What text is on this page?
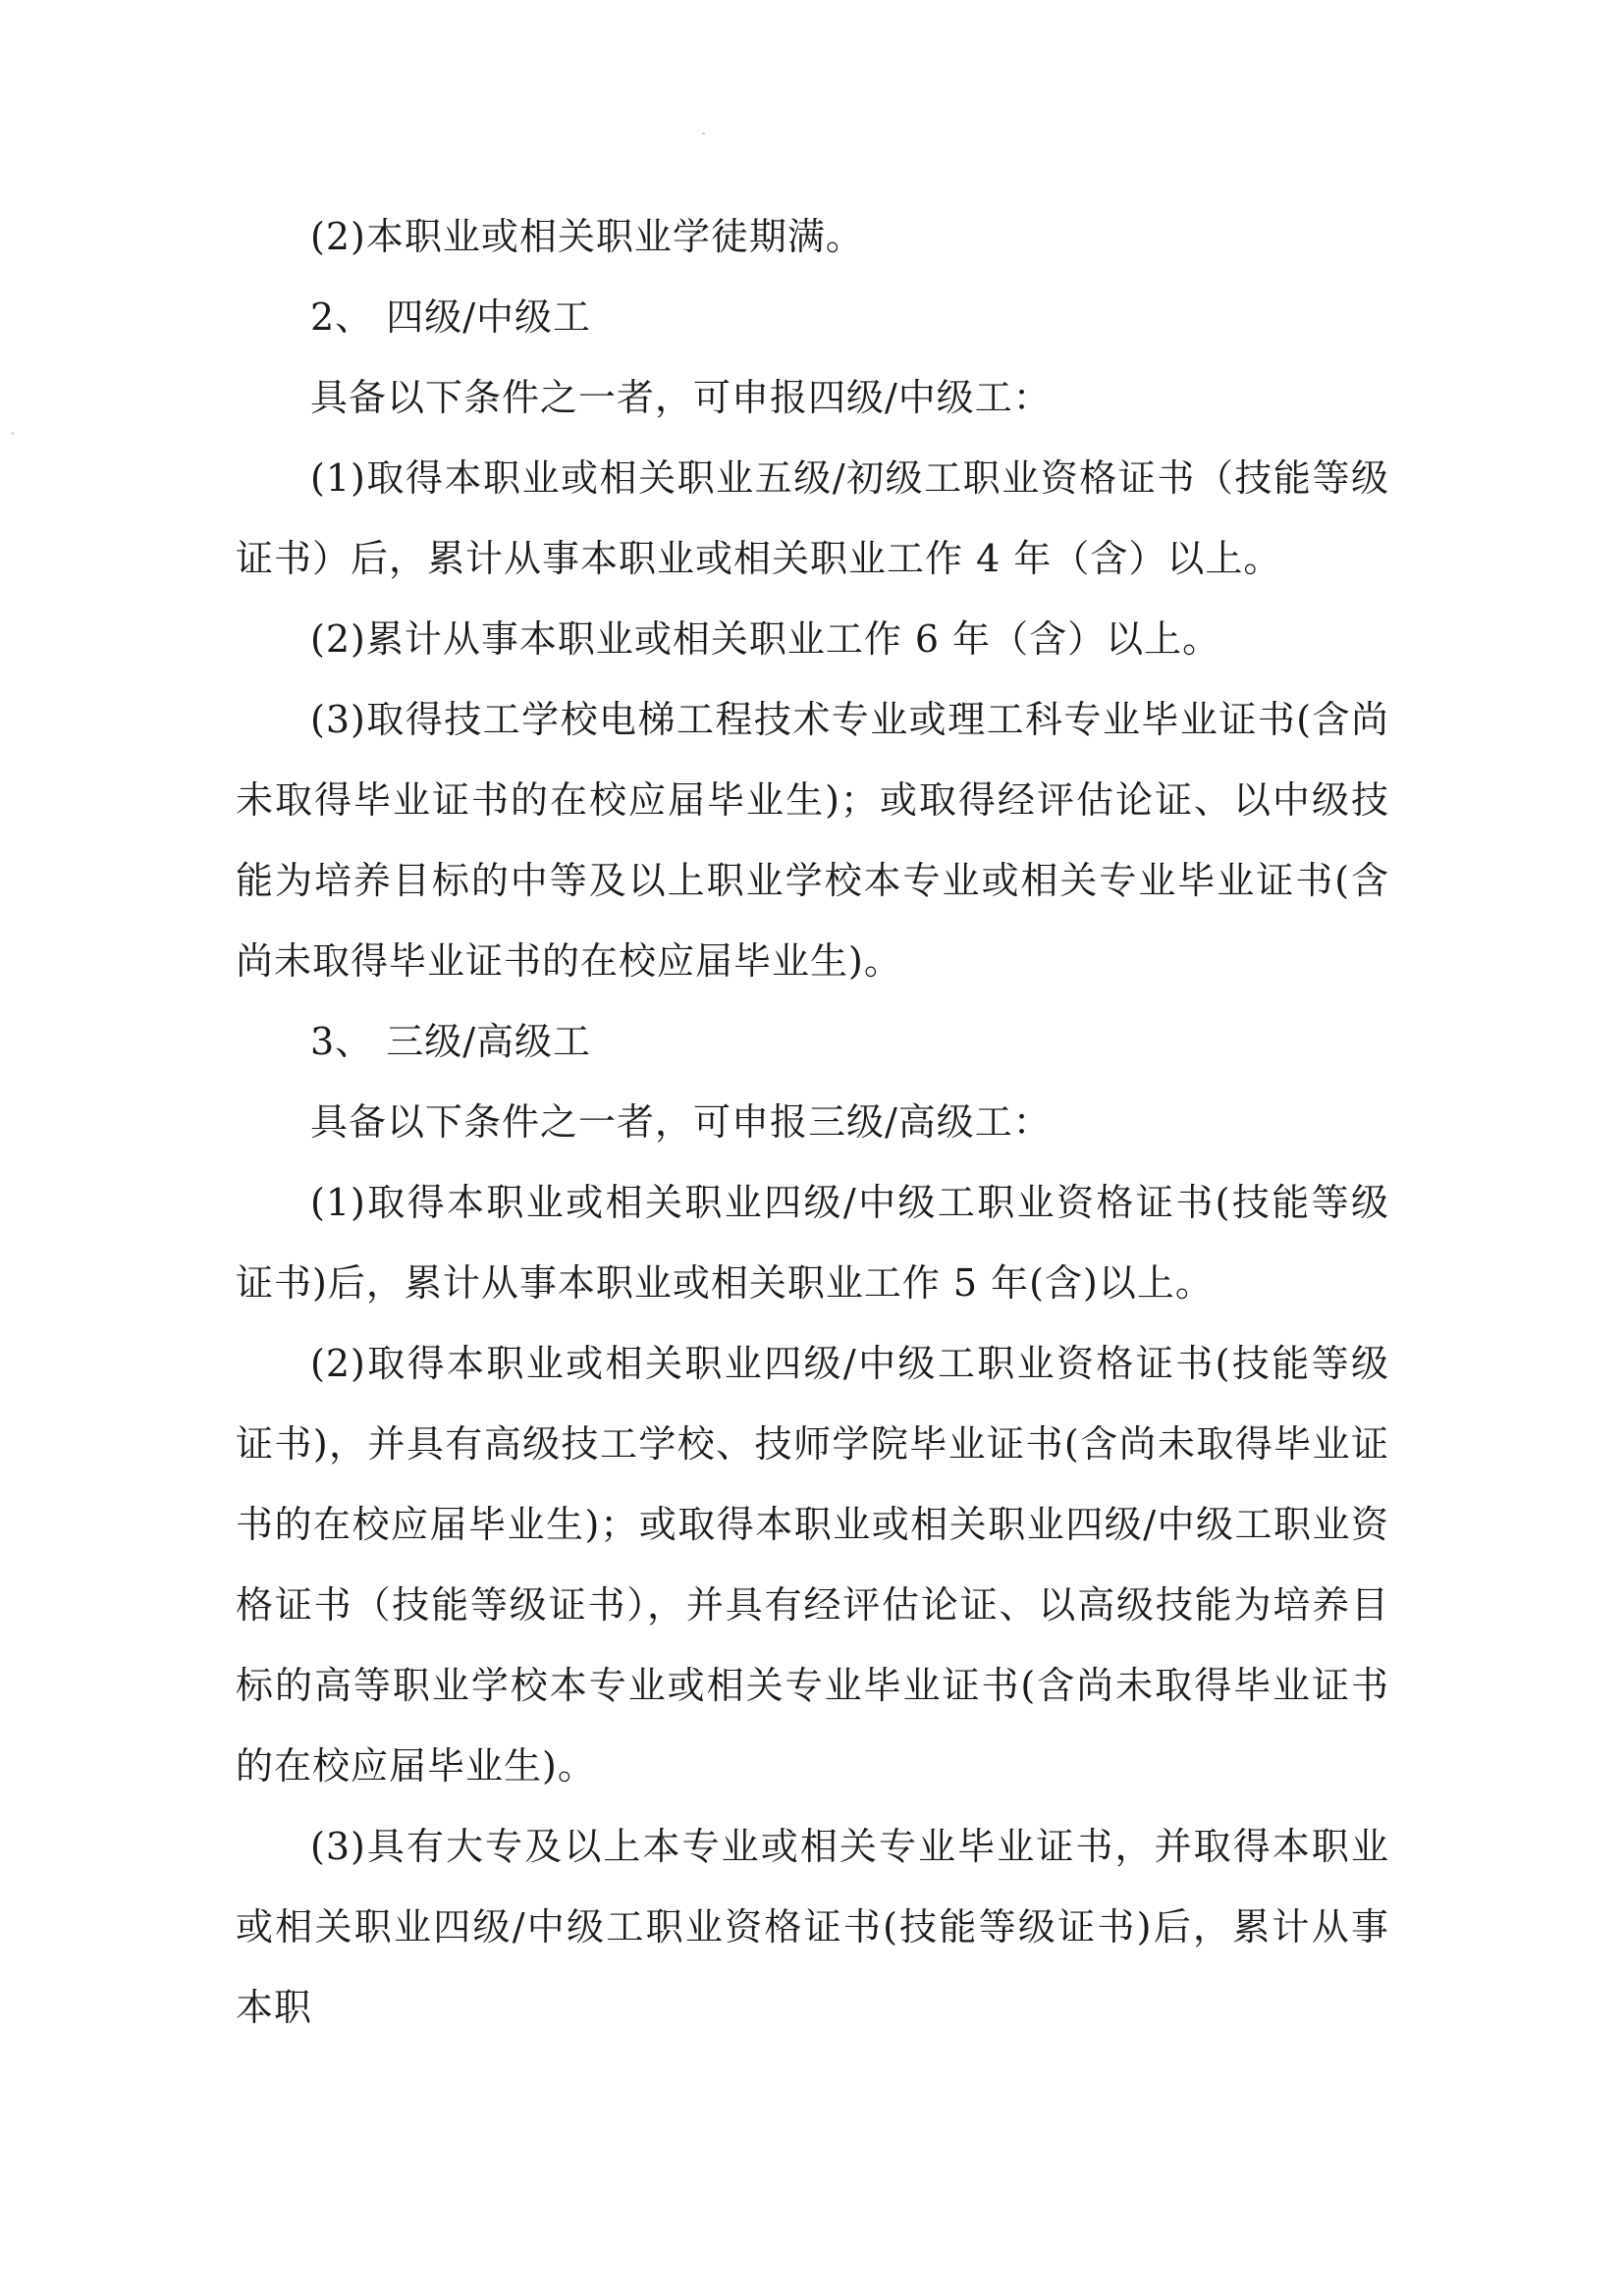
(2)本职业或相关职业学徒期满。

2、 四级/中级工

具备以下条件之一者，可申报四级/中级工：

(1)取得本职业或相关职业五级/初级工职业资格证书（技能等级证书）后，累计从事本职业或相关职业工作 4 年（含）以上。

(2)累计从事本职业或相关职业工作 6 年（含）以上。

(3)取得技工学校电梯工程技术专业或理工科专业毕业证书(含尚未取得毕业证书的在校应届毕业生)；或取得经评估论证、以中级技能为培养目标的中等及以上职业学校本专业或相关专业毕业证书(含尚未取得毕业证书的在校应届毕业生)。

3、 三级/高级工

具备以下条件之一者，可申报三级/高级工：

(1)取得本职业或相关职业四级/中级工职业资格证书(技能等级证书)后，累计从事本职业或相关职业工作 5 年(含)以上。

(2)取得本职业或相关职业四级/中级工职业资格证书(技能等级证书)，并具有高级技工学校、技师学院毕业证书(含尚未取得毕业证书的在校应届毕业生)；或取得本职业或相关职业四级/中级工职业资格证书（技能等级证书），并具有经评估论证、以高级技能为培养目标的高等职业学校本专业或相关专业毕业证书(含尚未取得毕业证书的在校应届毕业生)。

(3)具有大专及以上本专业或相关专业毕业证书，并取得本职业或相关职业四级/中级工职业资格证书(技能等级证书)后，累计从事本职
